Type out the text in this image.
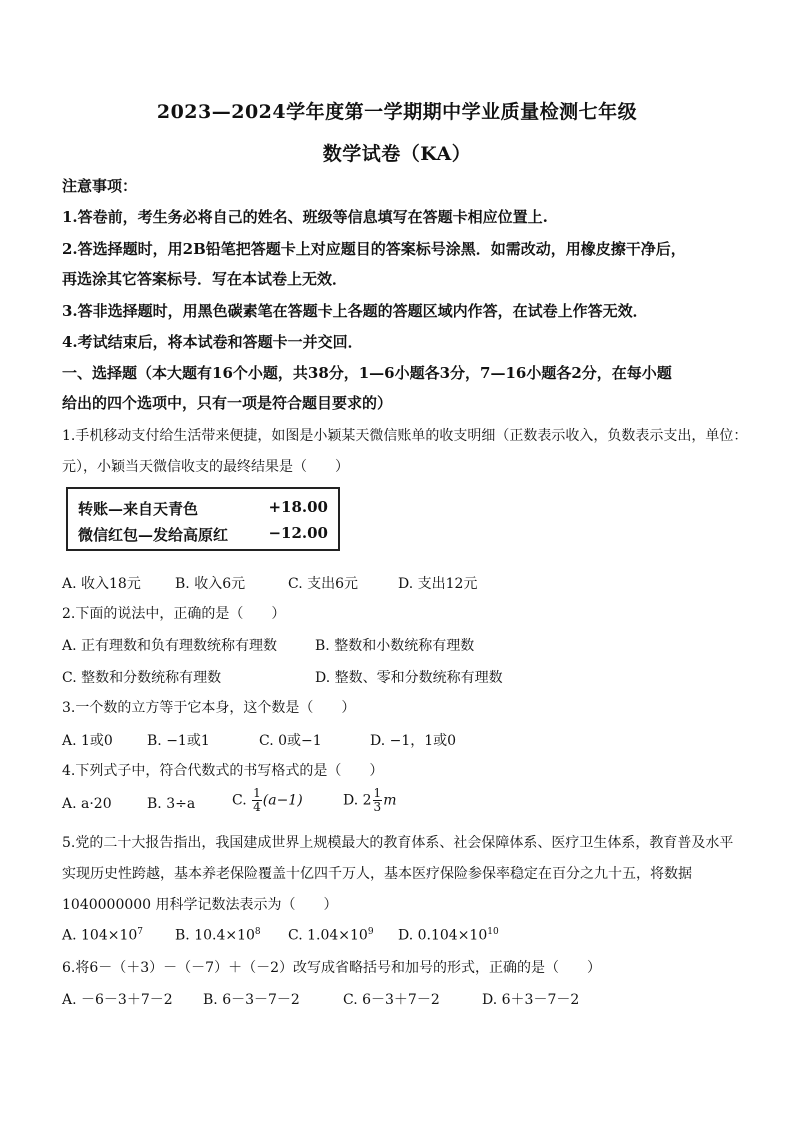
2023—2024学年度第一学期期中学业质量检测七年级
数学试卷（KA）
注意事项：
1.答卷前，考生务必将自己的姓名、班级等信息填写在答题卡相应位置上.
2.答选择题时，用2B铅笔把答题卡上对应题目的答案标号涂黑．如需改动，用橡皮擦干净后，
再选涂其它答案标号．写在本试卷上无效．
3.答非选择题时，用黑色碳素笔在答题卡上各题的答题区域内作答，在试卷上作答无效．
4.考试结束后，将本试卷和答题卡一并交回．
一、选择题（本大题有16个小题，共38分，1—6小题各3分，7—16小题各2分，在每小题
给出的四个选项中，只有一项是符合题目要求的）
1.手机移动支付给生活带来便捷，如图是小颖某天微信账单的收支明细（正数表示收入，负数表示支出，单位：
元），小颖当天微信收支的最终结果是（　　）
转账—来自天青色	+18.00
微信红包—发给高原红	−12.00
A. 收入18元 B. 收入6元	C. 支出6元	D. 支出12元
2.下面的说法中，正确的是（　　）
A. 正有理数和负有理数统称有理数	B. 整数和小数统称有理数
C. 整数和分数统称有理数	D. 整数、零和分数统称有理数
3.一个数的立方等于它本身，这个数是（　　）
A. 1或0 B. −1或1	C. 0或−1	D. −1，1或0
4.下列式子中，符合代数式的书写格式的是（　　）
A. a·20	B. 3÷a	C. $\frac{1}{4} (a-1)$	D. $2 \frac{1}{3}$ m
5.党的二十大报告指出，我国建成世界上规模最大的教育体系、社会保障体系、医疗卫生体系，教育普及水平
实现历史性跨越，基本养老保险覆盖十亿四千万人，基本医疗保险参保率稳定在百分之九十五，将数据
1040000000 用科学记数法表示为（　　）
A. $104\times 10^7$ B. $10.4\times 10^8$ C. $1.04\times 10^9$ D. $0.104\times 10^{10}$
6.将6－（＋3）－（－7）＋（－2）改写成省略括号和加号的形式，正确的是（　　）
A. －6－3＋7－2 B. 6－3－7－2	C. 6－3＋7－2	D. 6＋3－7－2
